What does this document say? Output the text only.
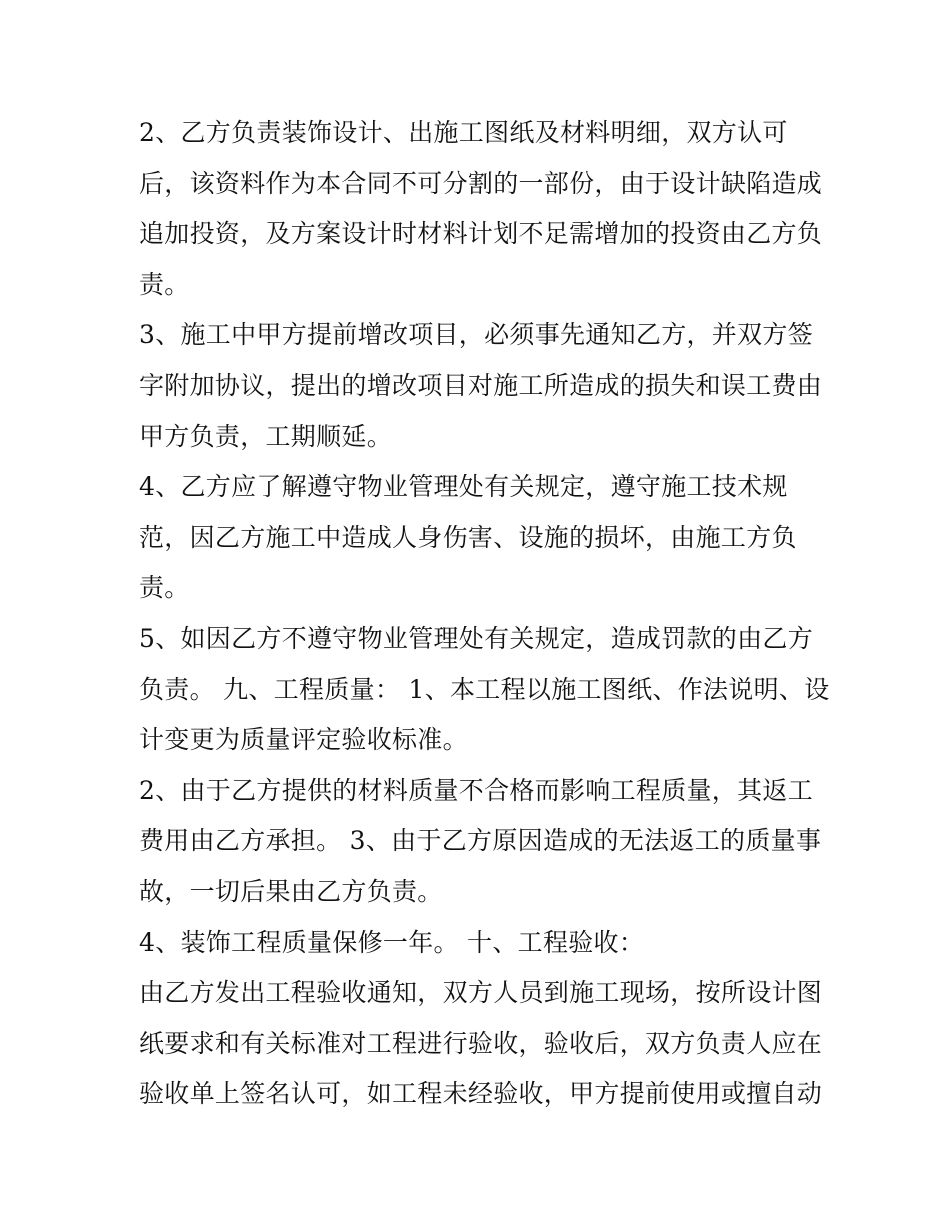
2、乙方负责装饰设计、出施工图纸及材料明细，双方认可
后，该资料作为本合同不可分割的一部份，由于设计缺陷造成
追加投资，及方案设计时材料计划不足需增加的投资由乙方负
责。
3、施工中甲方提前增改项目，必须事先通知乙方，并双方签
字附加协议，提出的增改项目对施工所造成的损失和误工费由
甲方负责，工期顺延。
4、乙方应了解遵守物业管理处有关规定，遵守施工技术规
范，因乙方施工中造成人身伤害、设施的损坏，由施工方负
责。
5、如因乙方不遵守物业管理处有关规定，造成罚款的由乙方
负责。 九、工程质量： 1、本工程以施工图纸、作法说明、设
计变更为质量评定验收标准。
2、由于乙方提供的材料质量不合格而影响工程质量，其返工
费用由乙方承担。 3、由于乙方原因造成的无法返工的质量事
故，一切后果由乙方负责。
4、装饰工程质量保修一年。 十、工程验收：
由乙方发出工程验收通知，双方人员到施工现场，按所设计图
纸要求和有关标准对工程进行验收，验收后，双方负责人应在
验收单上签名认可，如工程未经验收，甲方提前使用或擅自动
